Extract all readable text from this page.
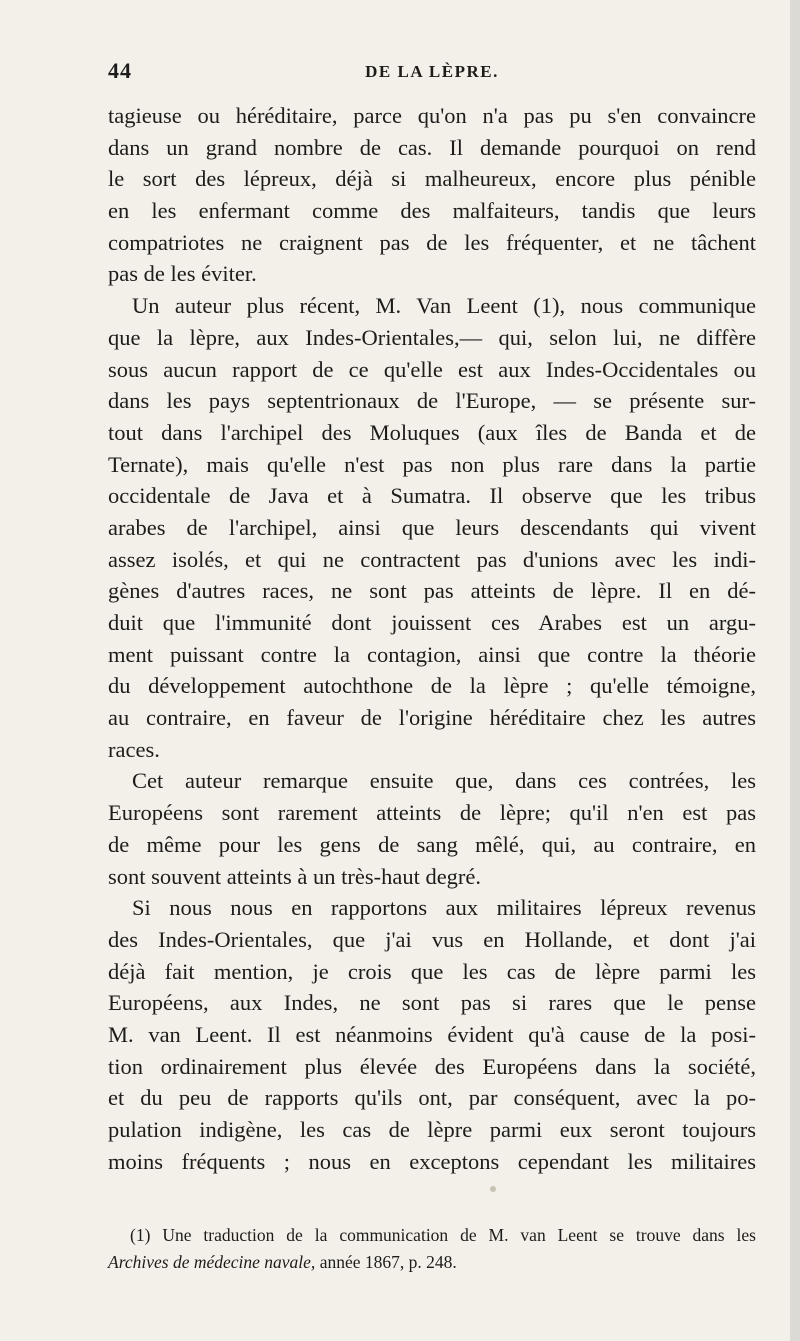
44	DE LA LÈPRE.
tagieuse ou héréditaire, parce qu'on n'a pas pu s'en convaincre
dans un grand nombre de cas. Il demande pourquoi on rend
le sort des lépreux, déjà si malheureux, encore plus pénible
en les enfermant comme des malfaiteurs, tandis que leurs
compatriotes ne craignent pas de les fréquenter, et ne tâchent
pas de les éviter.
Un auteur plus récent, M. Van Leent (1), nous communique
que la lèpre, aux Indes-Orientales,— qui, selon lui, ne diffère
sous aucun rapport de ce qu'elle est aux Indes-Occidentales ou
dans les pays septentrionaux de l'Europe, — se présente sur-
tout dans l'archipel des Moluques (aux îles de Banda et de
Ternate), mais qu'elle n'est pas non plus rare dans la partie
occidentale de Java et à Sumatra. Il observe que les tribus
arabes de l'archipel, ainsi que leurs descendants qui vivent
assez isolés, et qui ne contractent pas d'unions avec les indi-
gènes d'autres races, ne sont pas atteints de lèpre. Il en dé-
duit que l'immunité dont jouissent ces Arabes est un argu-
ment puissant contre la contagion, ainsi que contre la théorie
du développement autochthone de la lèpre ; qu'elle témoigne,
au contraire, en faveur de l'origine héréditaire chez les autres
races.
Cet auteur remarque ensuite que, dans ces contrées, les
Européens sont rarement atteints de lèpre; qu'il n'en est pas
de même pour les gens de sang mêlé, qui, au contraire, en
sont souvent atteints à un très-haut degré.
Si nous nous en rapportons aux militaires lépreux revenus
des Indes-Orientales, que j'ai vus en Hollande, et dont j'ai
déjà fait mention, je crois que les cas de lèpre parmi les
Européens, aux Indes, ne sont pas si rares que le pense
M. van Leent. Il est néanmoins évident qu'à cause de la posi-
tion ordinairement plus élevée des Européens dans la société,
et du peu de rapports qu'ils ont, par conséquent, avec la po-
pulation indigène, les cas de lèpre parmi eux seront toujours
moins fréquents ; nous en exceptons cependant les militaires
(1) Une traduction de la communication de M. van Leent se trouve dans les
Archives de médecine navale, année 1867, p. 248.
